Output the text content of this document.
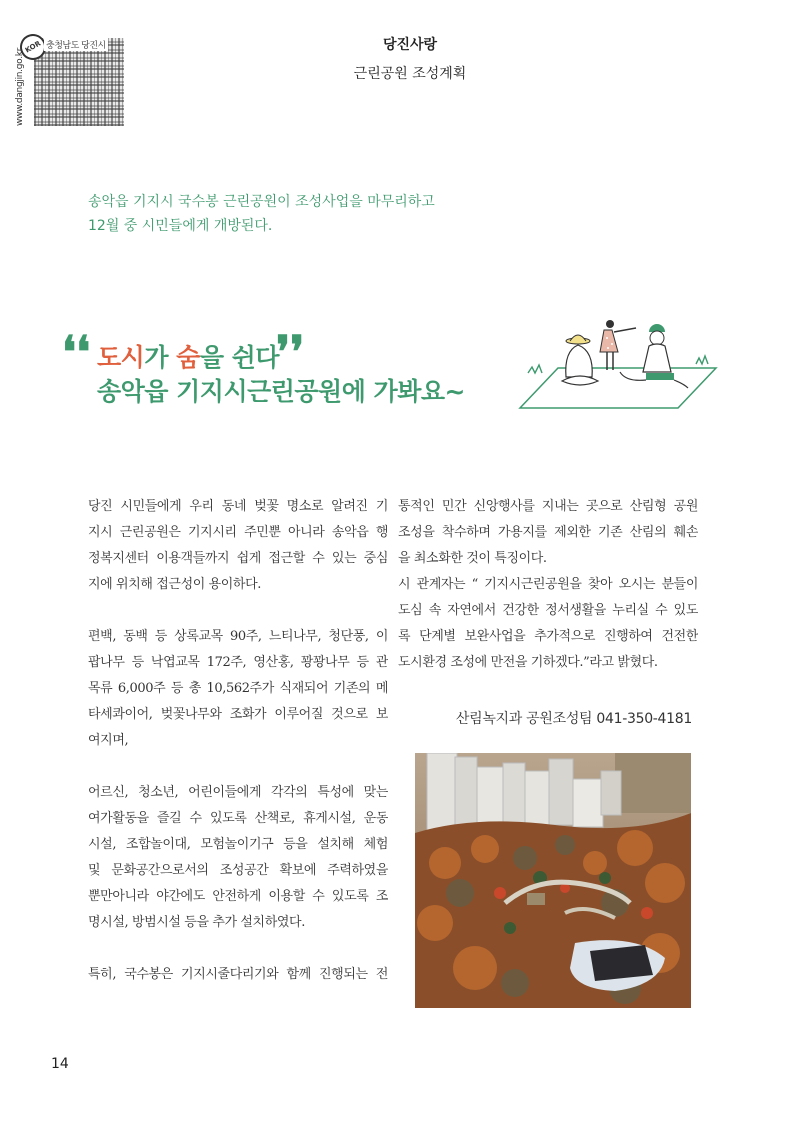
KOR 충청남도 당진시
www.dangjin.go.kr
당진사랑
근린공원 조성계획
송악읍 기지시 국수봉 근린공원이 조성사업을 마무리하고
12월 중 시민들에게 개방된다.
❛❛ 도시가 숨을 쉰다
❜❜
송악읍 기지시근린공원에 가봐요~
당진 시민들에게 우리 동네 벚꽃 명소로 알려진 기
지시 근린공원은 기지시리 주민뿐 아니라 송악읍 행
정복지센터 이용객들까지 쉽게 접근할 수 있는 중심
지에 위치해 접근성이 용이하다.
편백, 동백 등 상록교목 90주, 느티나무, 청단풍, 이
팝나무 등 낙엽교목 172주, 영산홍, 꽝꽝나무 등 관
목류 6,000주 등 총 10,562주가 식재되어 기존의 메
타세콰이어, 벚꽃나무와 조화가 이루어질 것으로 보
여지며,
어르신, 청소년, 어린이들에게 각각의 특성에 맞는
여가활동을 즐길 수 있도록 산책로, 휴게시설, 운동
시설, 조합놀이대, 모험놀이기구 등을 설치해 체험
및 문화공간으로서의 조성공간 확보에 주력하였을
뿐만아니라 야간에도 안전하게 이용할 수 있도록 조
명시설, 방범시설 등을 추가 설치하였다.
특히, 국수봉은 기지시줄다리기와 함께 진행되는 전
통적인 민간 신앙행사를 지내는 곳으로 산림형 공원
조성을 착수하며 가용지를 제외한 기존 산림의 훼손
을 최소화한 것이 특징이다.
시 관계자는 “ 기지시근린공원을 찾아 오시는 분들이
도심 속 자연에서 건강한 정서생활을 누리실 수 있도
록 단계별 보완사업을 추가적으로 진행하여 건전한
도시환경 조성에 만전을 기하겠다.”라고 밝혔다.
산림녹지과 공원조성팀 041-350-4181
14
